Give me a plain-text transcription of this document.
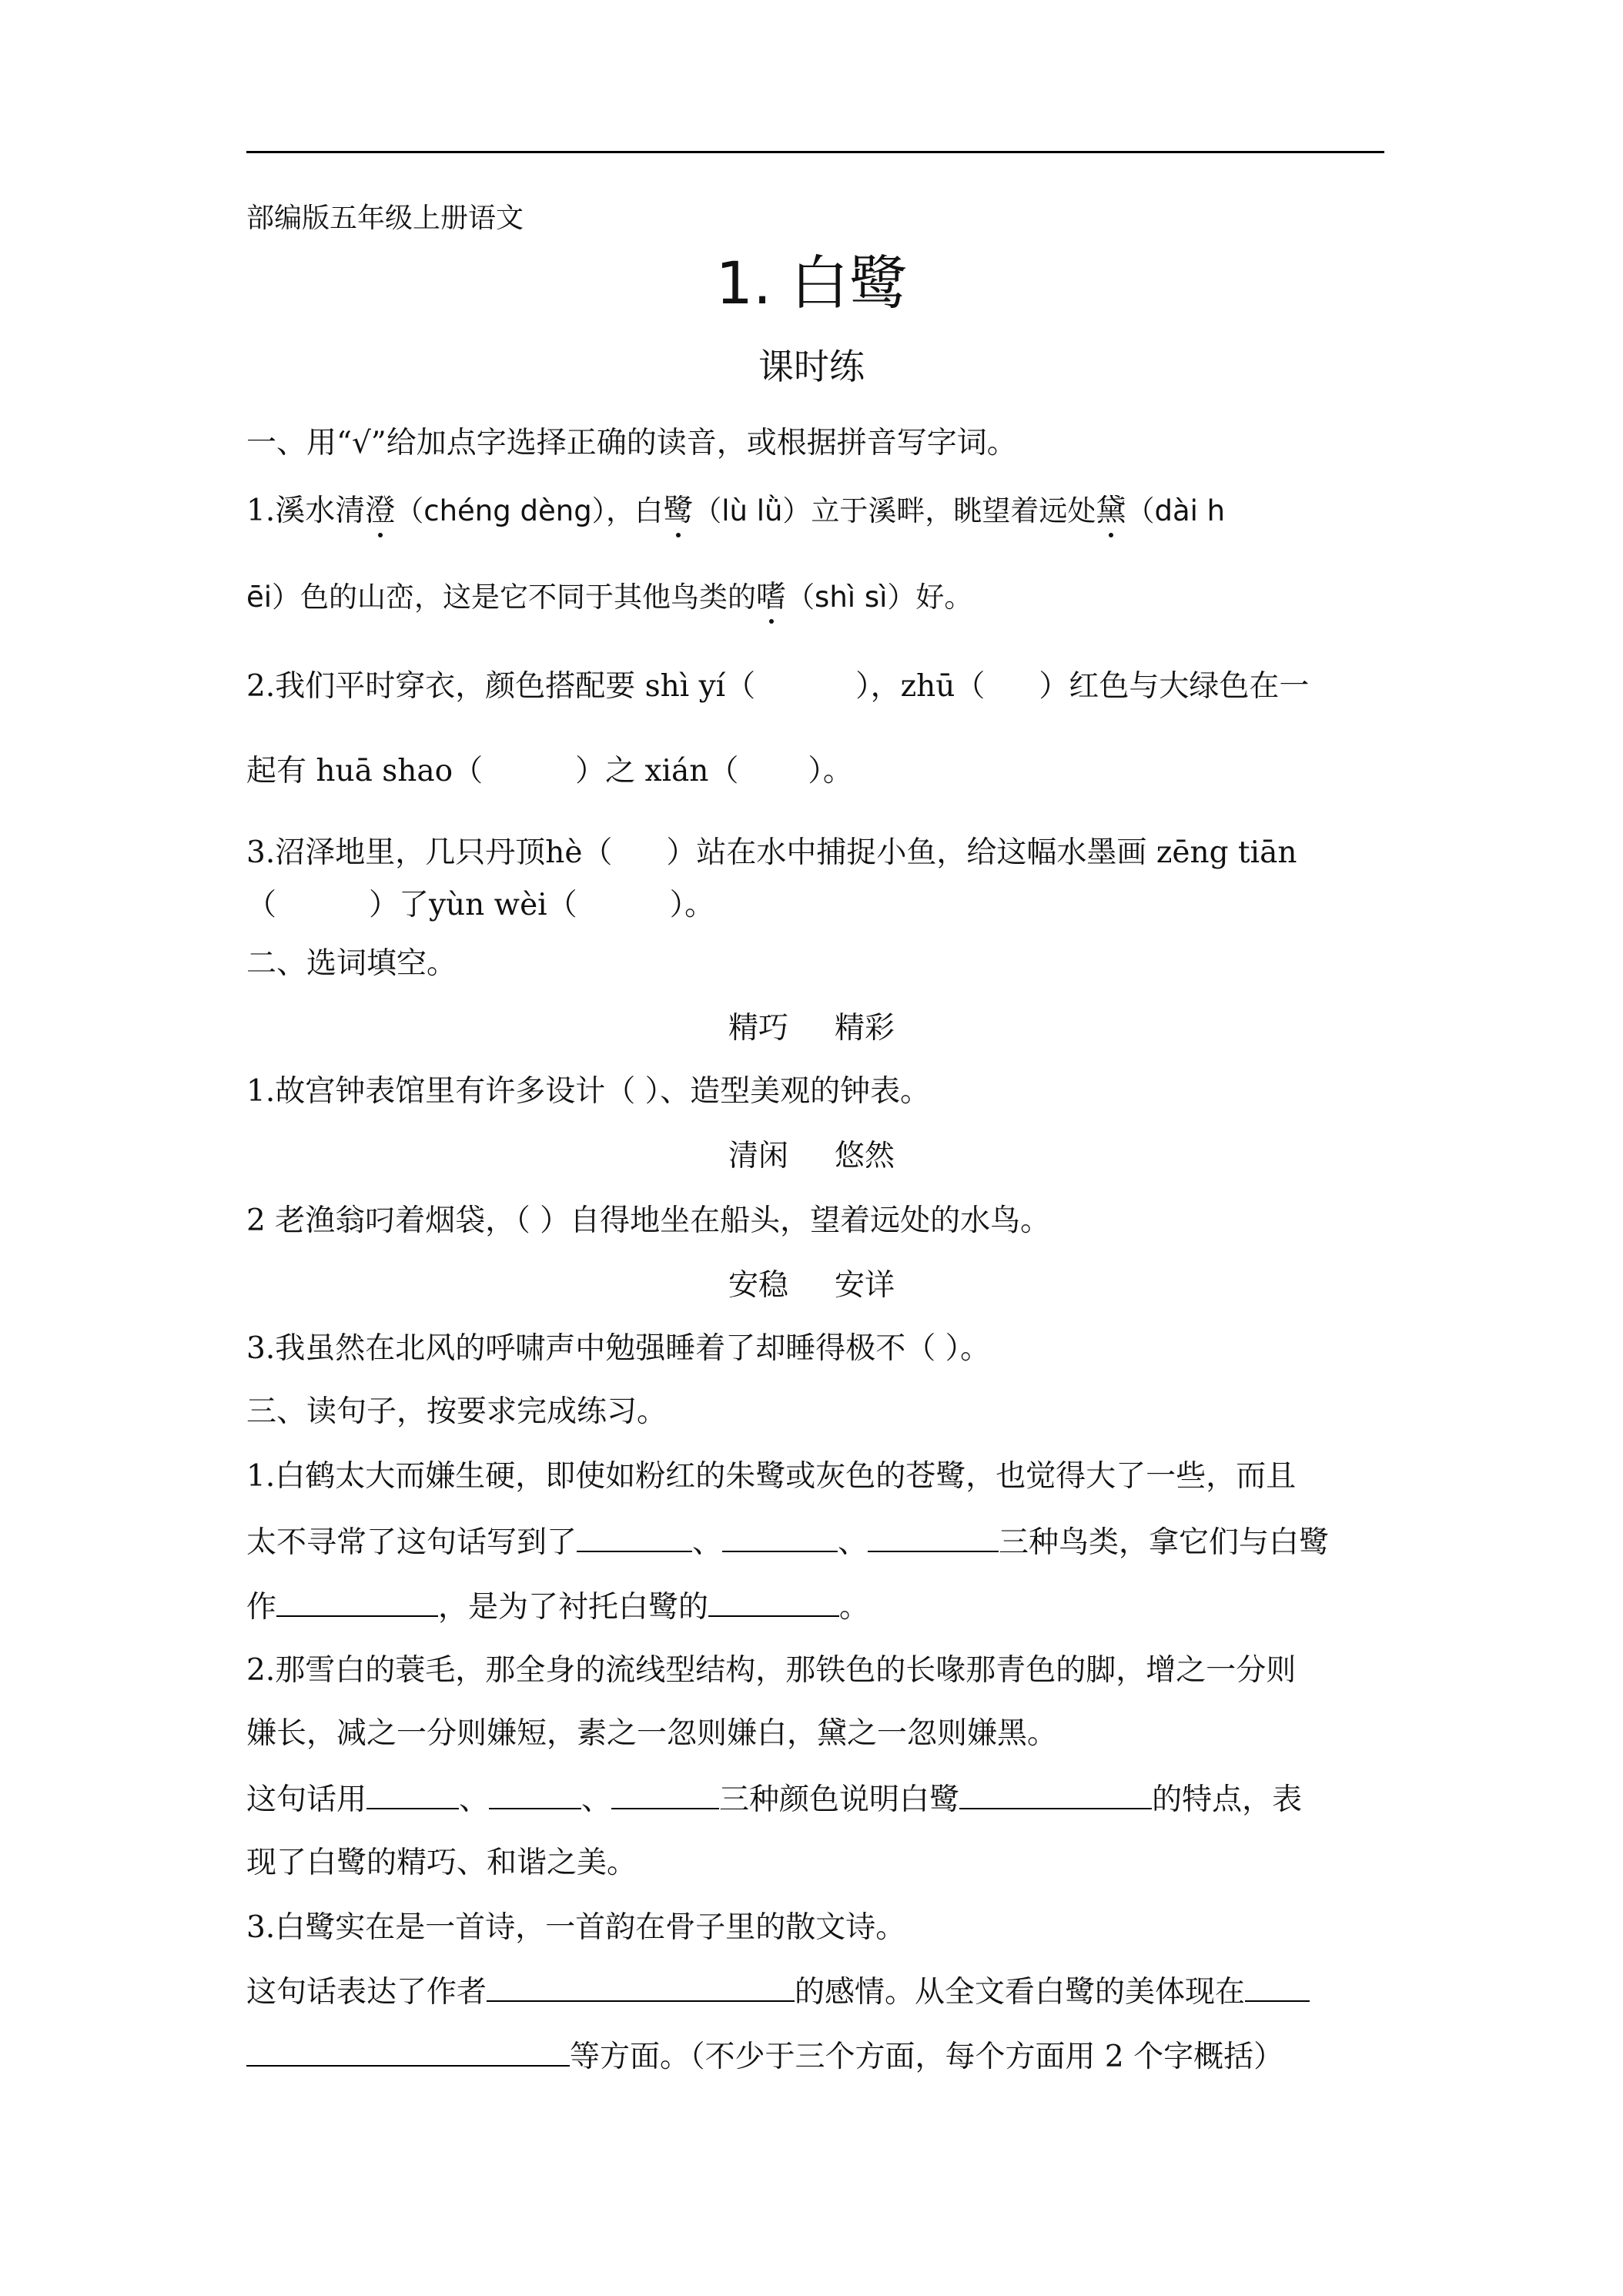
部编版五年级上册语文
1. 白鹭
课时练
一、用“√”给加点字选择正确的读音，或根据拼音写字词。
1.溪水清澄（chéng dèng），白鹭（lù lǜ）立于溪畔，眺望着远处黛（dài h
ēi）色的山峦，这是它不同于其他鸟类的嗜（shì sì）好。
2.我们平时穿衣，颜色搭配要 shì yí（	），zhū（ ）红色与大绿色在一
起有 huā shao（	）之 xián（ ）。
3.沼泽地里，几只丹顶hè（ ）站在水中捕捉小鱼，给这幅水墨画 zēng tiān
（	）了yùn wèi（	）。
二、选词填空。
精巧 精彩
1.故宫钟表馆里有许多设计（ ）、造型美观的钟表。
清闲 悠然
2 老渔翁叼着烟袋，（ ）自得地坐在船头，望着远处的水鸟。
安稳 安详
3.我虽然在北风的呼啸声中勉强睡着了却睡得极不（ ）。
三、读句子，按要求完成练习。
1.白鹤太大而嫌生硬，即使如粉红的朱鹭或灰色的苍鹭，也觉得大了一些，而且
太不寻常了这句话写到了	、	、	三种鸟类，拿它们与白鹭
作	，是为了衬托白鹭的	。
2.那雪白的蓑毛，那全身的流线型结构，那铁色的长喙那青色的脚，增之一分则
嫌长，减之一分则嫌短，素之一忽则嫌白，黛之一忽则嫌黑。
这句话用	、	、	三种颜色说明白鹭	的特点，表
现了白鹭的精巧、和谐之美。
3.白鹭实在是一首诗，一首韵在骨子里的散文诗。
这句话表达了作者	的感情。从全文看白鹭的美体现在
等方面。（不少于三个方面，每个方面用 2 个字概括）
